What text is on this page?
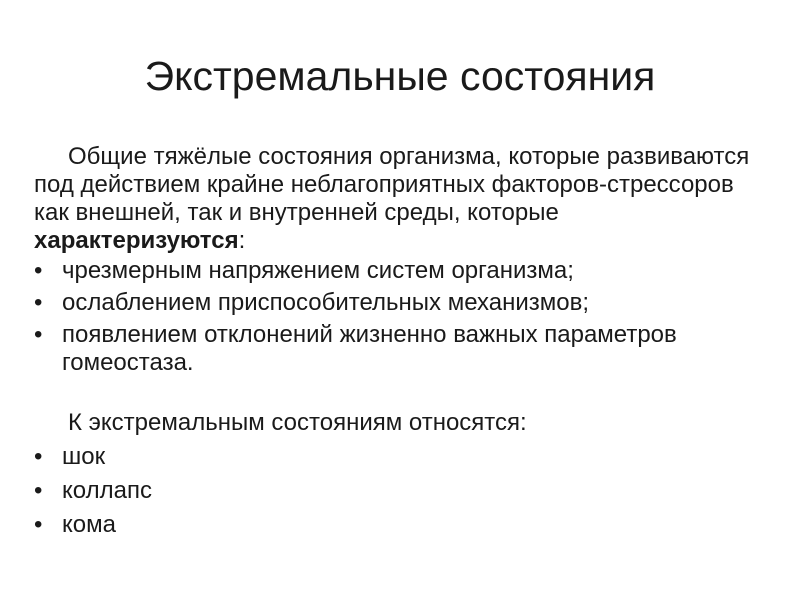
Экстремальные состояния

Общие тяжёлые состояния организма, которые развиваются под действием крайне неблагоприятных факторов-стрессоров как внешней, так и внутренней среды, которые характеризуются:

• чрезмерным напряжением систем организма;
• ослаблением приспособительных механизмов;
• появлением отклонений жизненно важных параметров гомеостаза.

К экстремальным состояниям относятся:

• шок
• коллапс
• кома
